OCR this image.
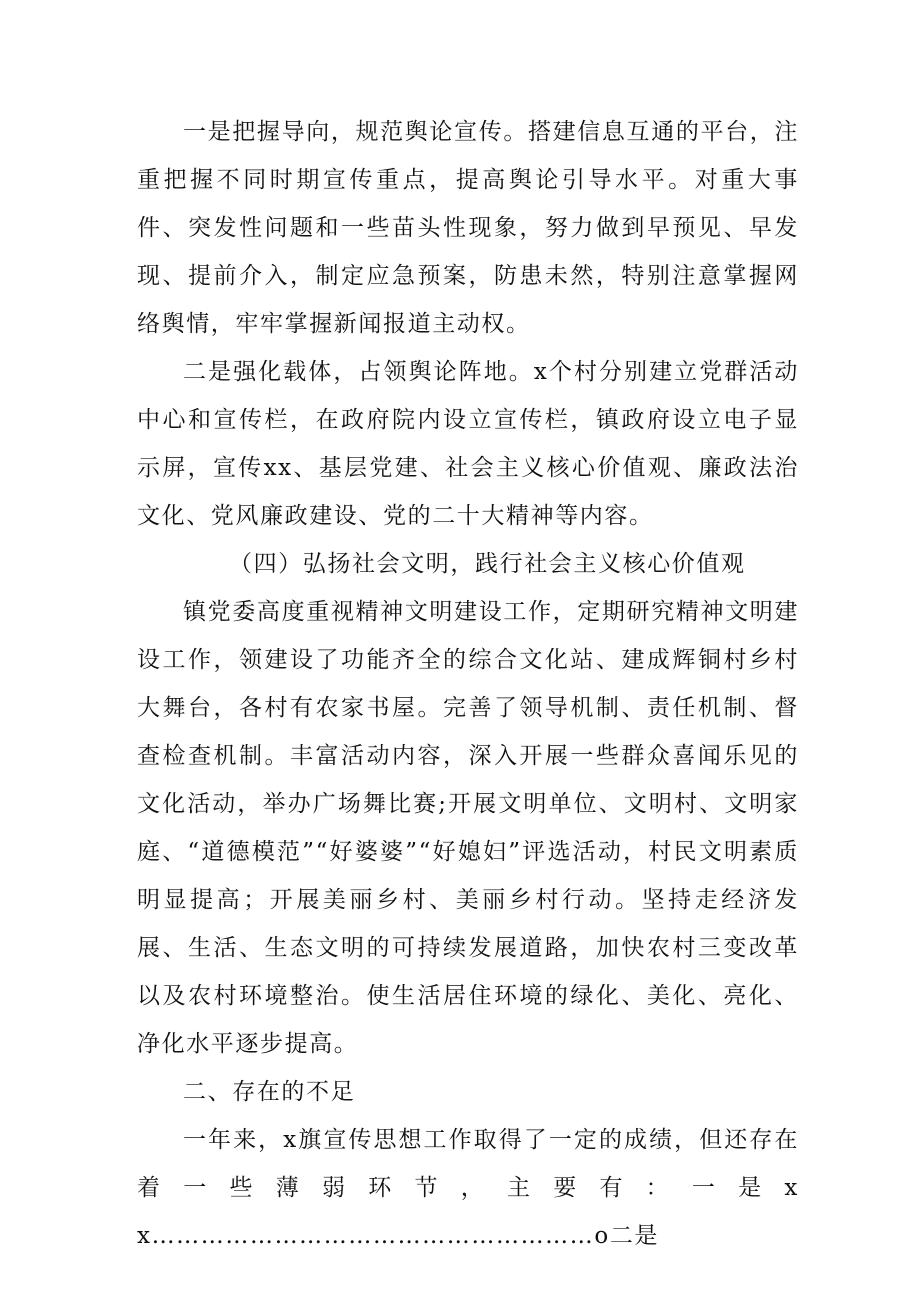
一是把握导向，规范舆论宣传。搭建信息互通的平台，注重把握不同时期宣传重点，提高舆论引导水平。对重大事件、突发性问题和一些苗头性现象，努力做到早预见、早发现、提前介入，制定应急预案，防患未然，特别注意掌握网络舆情，牢牢掌握新闻报道主动权。

二是强化载体，占领舆论阵地。x个村分别建立党群活动中心和宣传栏，在政府院内设立宣传栏，镇政府设立电子显示屏，宣传xx、基层党建、社会主义核心价值观、廉政法治文化、党风廉政建设、党的二十大精神等内容。

（四）弘扬社会文明，践行社会主义核心价值观

镇党委高度重视精神文明建设工作，定期研究精神文明建设工作，领建设了功能齐全的综合文化站、建成辉铜村乡村大舞台，各村有农家书屋。完善了领导机制、责任机制、督查检查机制。丰富活动内容，深入开展一些群众喜闻乐见的文化活动，举办广场舞比赛;开展文明单位、文明村、文明家庭、“道德模范”“好婆婆”“好媳妇”评选活动，村民文明素质明显提高；开展美丽乡村、美丽乡村行动。坚持走经济发展、生活、生态文明的可持续发展道路，加快农村三变改革以及农村环境整治。使生活居住环境的绿化、美化、亮化、净化水平逐步提高。

二、存在的不足

一年来，x旗宣传思想工作取得了一定的成绩，但还存在着一些薄弱环节，主要有：一是xx………………………………………………o二是
